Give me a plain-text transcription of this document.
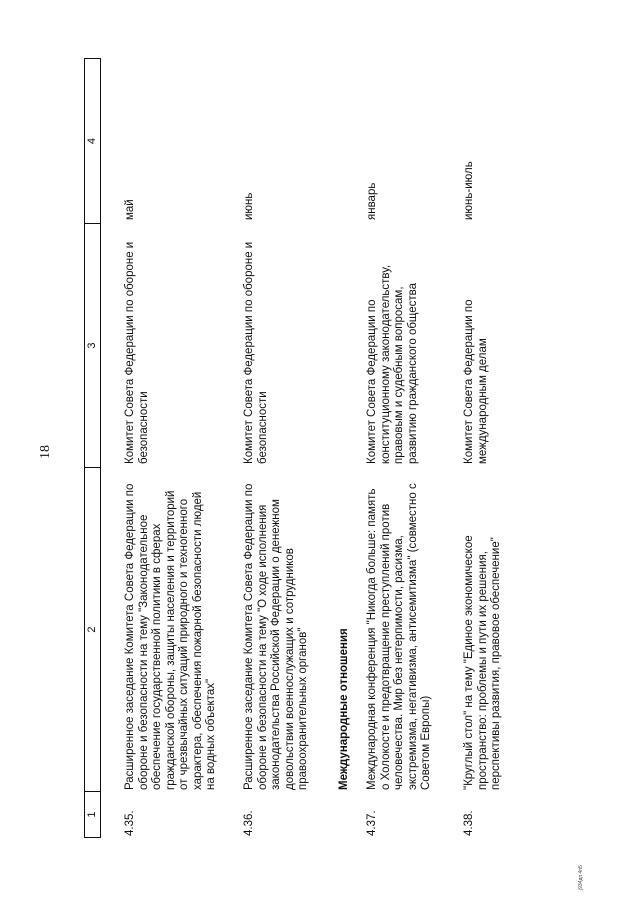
18
j934дп 4п5
1
2
3
4
4.35.
Расширенное заседание Комитета Совета Федерации по обороне и безопасности на тему "Законодательное обеспечение государственной политики в сферах гражданской обороны, защиты населения и территорий от чрезвычайных ситуаций природного и техногенного характера, обеспечения пожарной безопасности людей на водных объектах"
Комитет Совета Федерации по обороне и безопасности
май
4.36.
Расширенное заседание Комитета Совета Федерации по обороне и безопасности на тему "О ходе исполнения законодательства Российской Федерации о денежном довольствии военнослужащих и сотрудников правоохранительных органов"
Комитет Совета Федерации по обороне и безопасности
июнь
Международные отношения
4.37.
Международная конференция "Никогда больше: память о Холокосте и предотвращение преступлений против человечества. Мир без нетерпимости, расизма, экстремизма, негативизма, антисемитизма" (совместно с Советом Европы)
Комитет Совета Федерации по конституционному законодательству, правовым и судебным вопросам, развитию гражданского общества
январь
4.38.
"Круглый стол" на тему "Единое экономическое пространство: проблемы и пути их решения, перспективы развития, правовое обеспечение"
Комитет Совета Федерации по международным делам
июнь-июль
